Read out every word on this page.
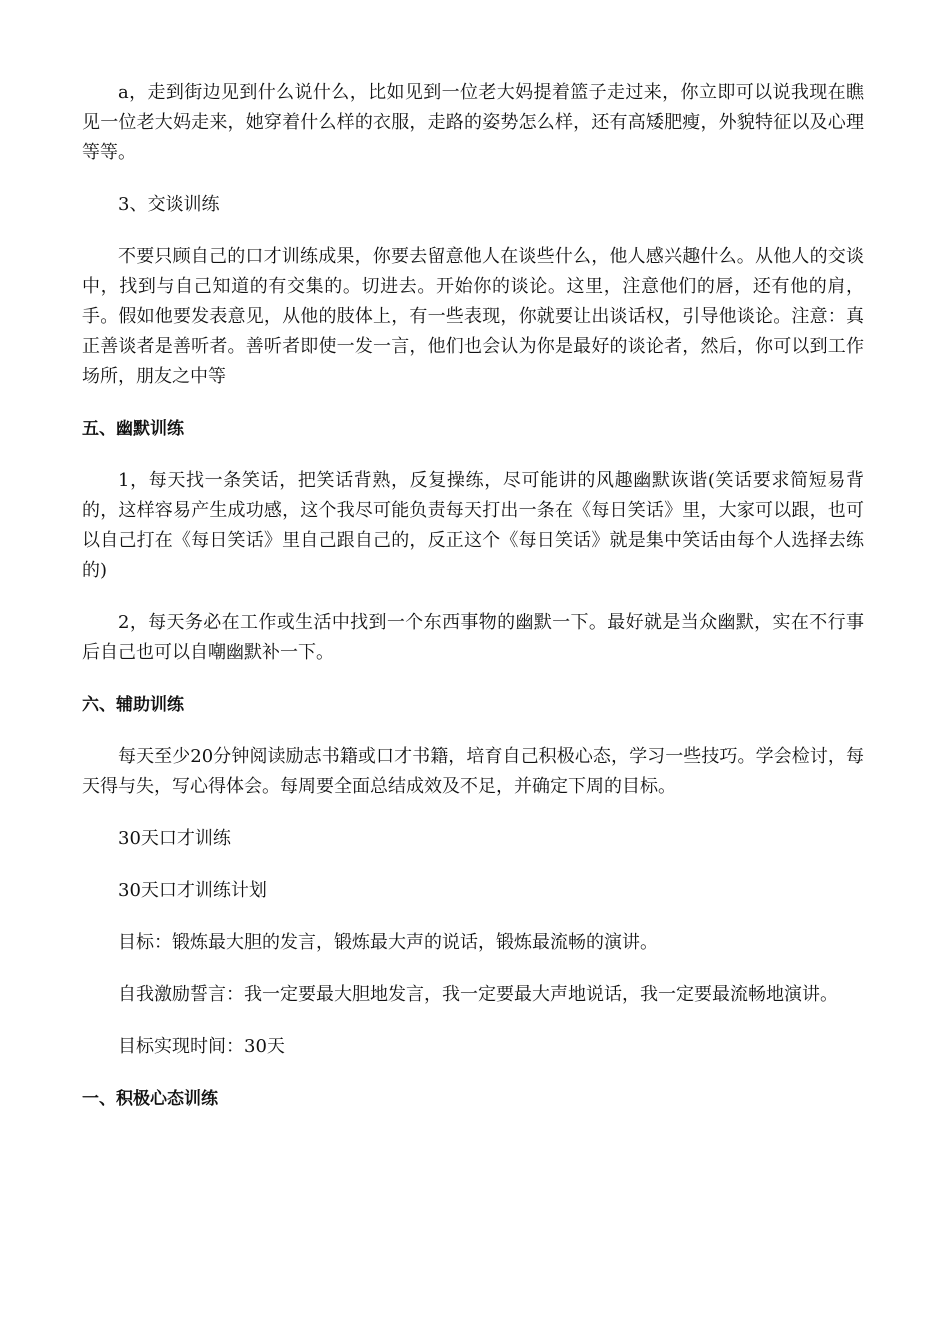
a，走到街边见到什么说什么，比如见到一位老大妈提着篮子走过来，你立即可以说我现在瞧见一位老大妈走来，她穿着什么样的衣服，走路的姿势怎么样，还有高矮肥瘦，外貌特征以及心理等等。

3、交谈训练

不要只顾自己的口才训练成果，你要去留意他人在谈些什么，他人感兴趣什么。从他人的交谈中，找到与自己知道的有交集的。切进去。开始你的谈论。这里，注意他们的唇，还有他的肩，手。假如他要发表意见，从他的肢体上，有一些表现，你就要让出谈话权，引导他谈论。注意：真正善谈者是善听者。善听者即使一发一言，他们也会认为你是最好的谈论者，然后，你可以到工作场所，朋友之中等

五、幽默训练

1，每天找一条笑话，把笑话背熟，反复操练，尽可能讲的风趣幽默诙谐(笑话要求简短易背的，这样容易产生成功感，这个我尽可能负责每天打出一条在《每日笑话》里，大家可以跟，也可以自己打在《每日笑话》里自己跟自己的，反正这个《每日笑话》就是集中笑话由每个人选择去练的)

2，每天务必在工作或生活中找到一个东西事物的幽默一下。最好就是当众幽默，实在不行事后自己也可以自嘲幽默补一下。

六、辅助训练

每天至少20分钟阅读励志书籍或口才书籍，培育自己积极心态，学习一些技巧。学会检讨，每天得与失，写心得体会。每周要全面总结成效及不足，并确定下周的目标。

30天口才训练

30天口才训练计划

目标：锻炼最大胆的发言，锻炼最大声的说话，锻炼最流畅的演讲。

自我激励誓言：我一定要最大胆地发言，我一定要最大声地说话，我一定要最流畅地演讲。

目标实现时间：30天

一、积极心态训练
